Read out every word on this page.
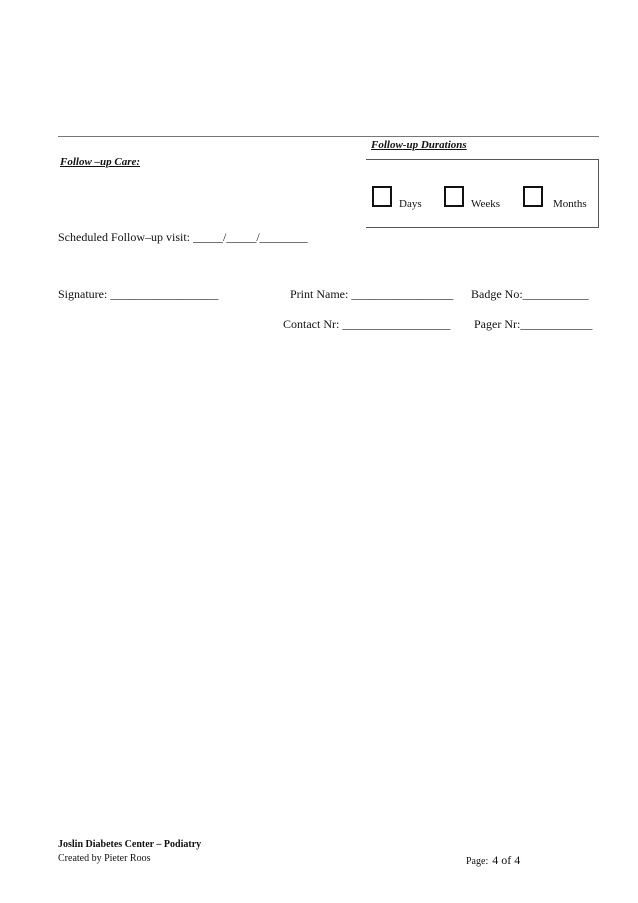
Follow-up Durations
Follow –up Care:
Days	Weeks	Months
Scheduled Follow–up visit: _____/_____/________
Signature: __________________	Print Name: _________________ Badge No:___________
Contact Nr: __________________ Pager Nr:____________
Joslin Diabetes Center – Podiatry
Created by Pieter Roos	Page: 4 of 4
